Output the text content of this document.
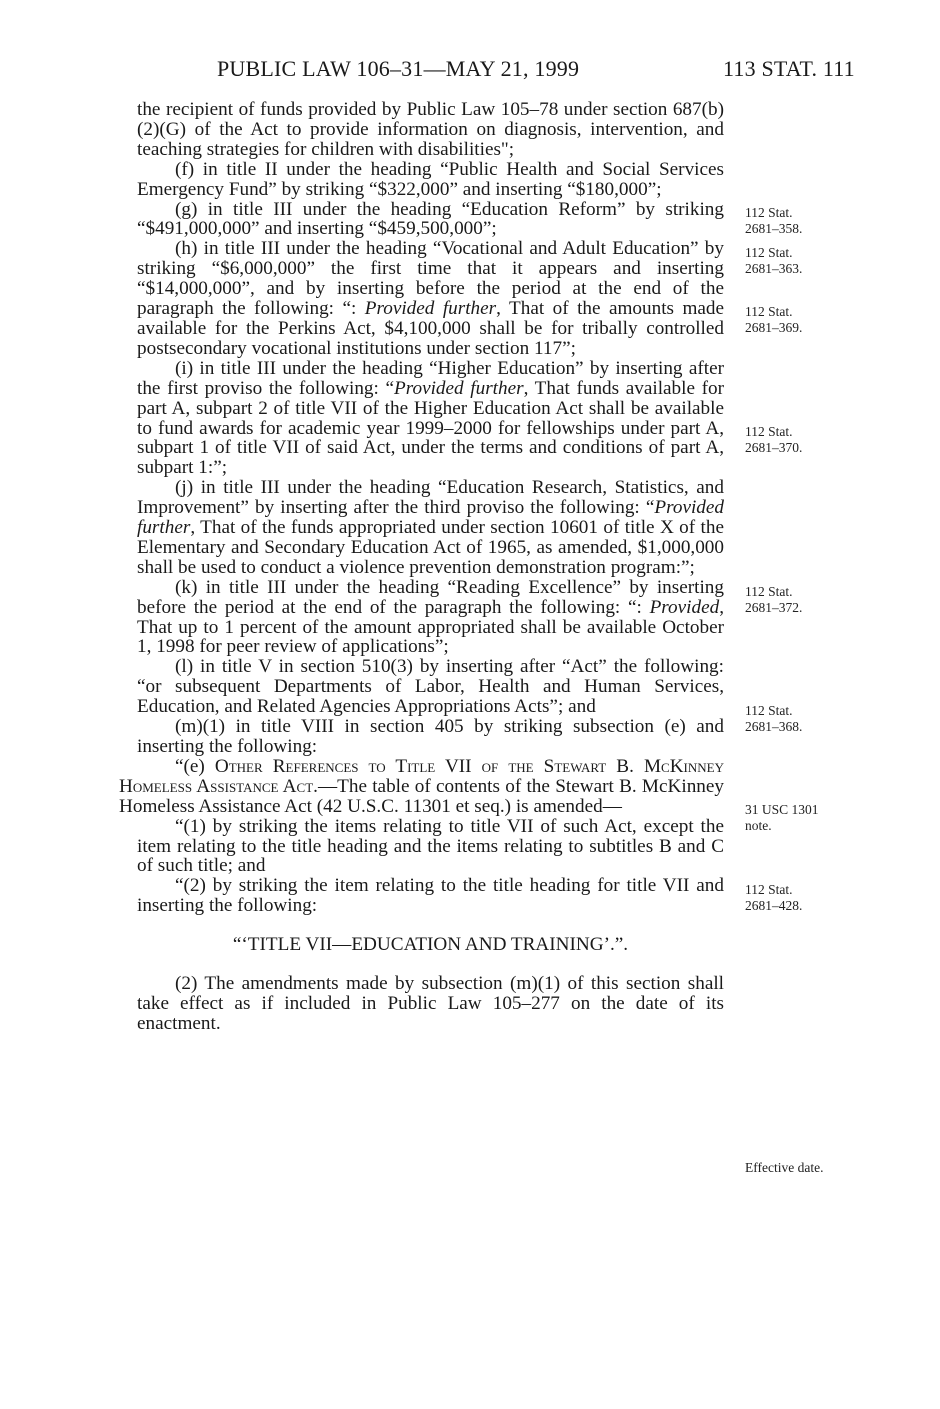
PUBLIC LAW 106–31—MAY 21, 1999	113 STAT. 111

the recipient of funds provided by Public Law 105–78 under section 687(b)(2)(G) of the Act to provide information on diagnosis, intervention, and teaching strategies for children with disabilities";

(f) in title II under the heading “Public Health and Social Services Emergency Fund” by striking “$322,000” and inserting “$180,000”;

(g) in title III under the heading “Education Reform” by striking “$491,000,000” and inserting “$459,500,000”;

(h) in title III under the heading “Vocational and Adult Education” by striking “$6,000,000” the first time that it appears and inserting “$14,000,000”, and by inserting before the period at the end of the paragraph the following: “: Provided further, That of the amounts made available for the Perkins Act, $4,100,000 shall be for tribally controlled postsecondary vocational institutions under section 117”;

(i) in title III under the heading “Higher Education” by inserting after the first proviso the following: “Provided further, That funds available for part A, subpart 2 of title VII of the Higher Education Act shall be available to fund awards for academic year 1999–2000 for fellowships under part A, subpart 1 of title VII of said Act, under the terms and conditions of part A, subpart 1:”;

(j) in title III under the heading “Education Research, Statistics, and Improvement” by inserting after the third proviso the following: “Provided further, That of the funds appropriated under section 10601 of title X of the Elementary and Secondary Education Act of 1965, as amended, $1,000,000 shall be used to conduct a violence prevention demonstration program:”;

(k) in title III under the heading “Reading Excellence” by inserting before the period at the end of the paragraph the following: “: Provided, That up to 1 percent of the amount appropriated shall be available October 1, 1998 for peer review of applications”;

(l) in title V in section 510(3) by inserting after “Act” the following: “or subsequent Departments of Labor, Health and Human Services, Education, and Related Agencies Appropriations Acts”; and

(m)(1) in title VIII in section 405 by striking subsection (e) and inserting the following:

“(e) Other References to Title VII of the Stewart B. McKinney Homeless Assistance Act.—The table of contents of the Stewart B. McKinney Homeless Assistance Act (42 U.S.C. 11301 et seq.) is amended—

“(1) by striking the items relating to title VII of such Act, except the item relating to the title heading and the items relating to subtitles B and C of such title; and

“(2) by striking the item relating to the title heading for title VII and inserting the following:

“‘TITLE VII—EDUCATION AND TRAINING’.”.

(2) The amendments made by subsection (m)(1) of this section shall take effect as if included in Public Law 105–277 on the date of its enactment.

112 Stat.
2681–358.
112 Stat.
2681–363.
112 Stat.
2681–369.
112 Stat.
2681–370.
112 Stat.
2681–372.
112 Stat.
2681–368.
31 USC 1301
note.
112 Stat.
2681–428.
Effective date.
